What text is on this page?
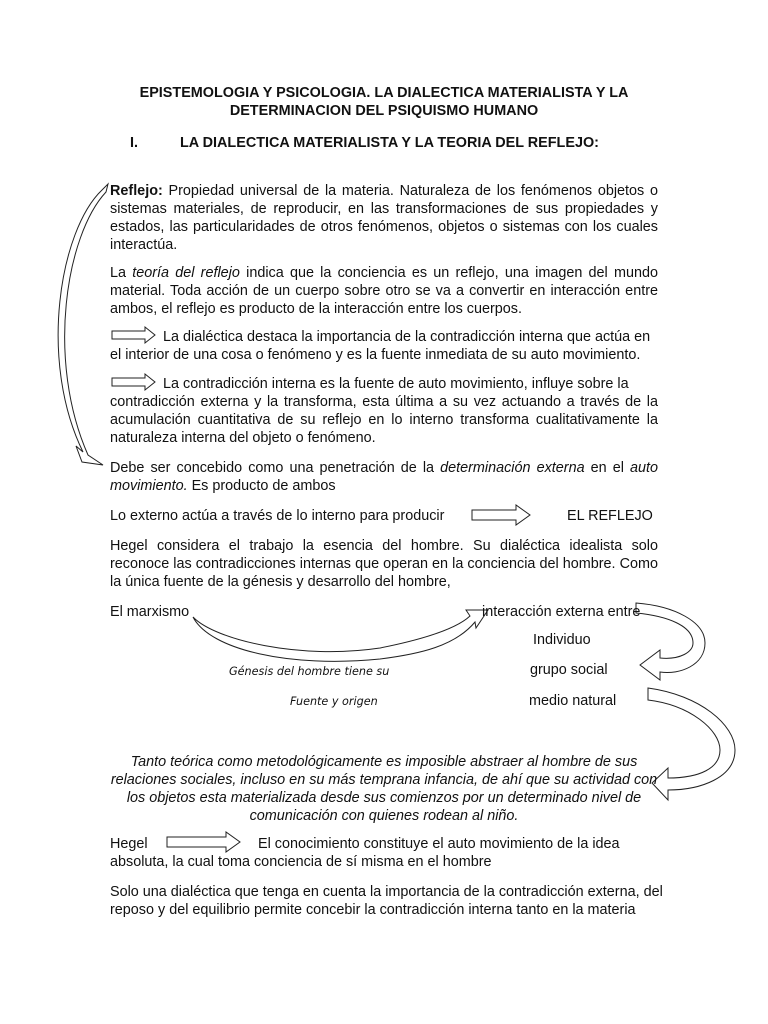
EPISTEMOLOGIA Y PSICOLOGIA. LA DIALECTICA MATERIALISTA Y LA

DETERMINACION DEL PSIQUISMO HUMANO

I.	LA DIALECTICA MATERIALISTA Y LA TEORIA DEL REFLEJO:

Reflejo: Propiedad universal de la materia. Naturaleza de los fenómenos objetos o sistemas materiales, de reproducir, en las transformaciones de sus propiedades y estados, las particularidades de otros fenómenos, objetos o sistemas con los cuales interactúa.

La teoría del reflejo indica que la conciencia es un reflejo, una imagen del mundo material. Toda acción de un cuerpo sobre otro se va a convertir en interacción entre ambos, el reflejo es producto de la interacción entre los cuerpos.

La dialéctica destaca la importancia de la contradicción interna que actúa en

el interior de una cosa o fenómeno y es la fuente inmediata de su auto movimiento.

La contradicción interna es la fuente de auto movimiento, influye sobre la

contradicción externa y la transforma, esta última a su vez actuando a través de la acumulación cuantitativa de su reflejo en lo interno transforma cualitativamente la naturaleza interna del objeto o fenómeno.

Debe ser concebido como una penetración de la determinación externa en el auto movimiento. Es producto de ambos

Lo externo actúa a través de lo interno para producir	EL REFLEJO

Hegel considera el trabajo la esencia del hombre. Su dialéctica idealista solo reconoce las contradicciones internas que operan en la conciencia del hombre. Como la única fuente de la génesis y desarrollo del hombre,

El marxismo	interacción externa entre

Individuo

grupo social

medio natural

Génesis del hombre tiene su

Fuente y origen

Tanto teórica como metodológicamente es imposible abstraer al hombre de sus

relaciones sociales, incluso en su más temprana infancia, de ahí que su actividad con

los objetos esta materializada desde sus comienzos por un determinado nivel de

comunicación con quienes rodean al niño.

Hegel	El conocimiento constituye el auto movimiento de la idea

absoluta, la cual toma conciencia de sí misma en el hombre

Solo una dialéctica que tenga en cuenta la importancia de la contradicción externa, del

reposo y del equilibrio permite concebir la contradicción interna tanto en la materia
